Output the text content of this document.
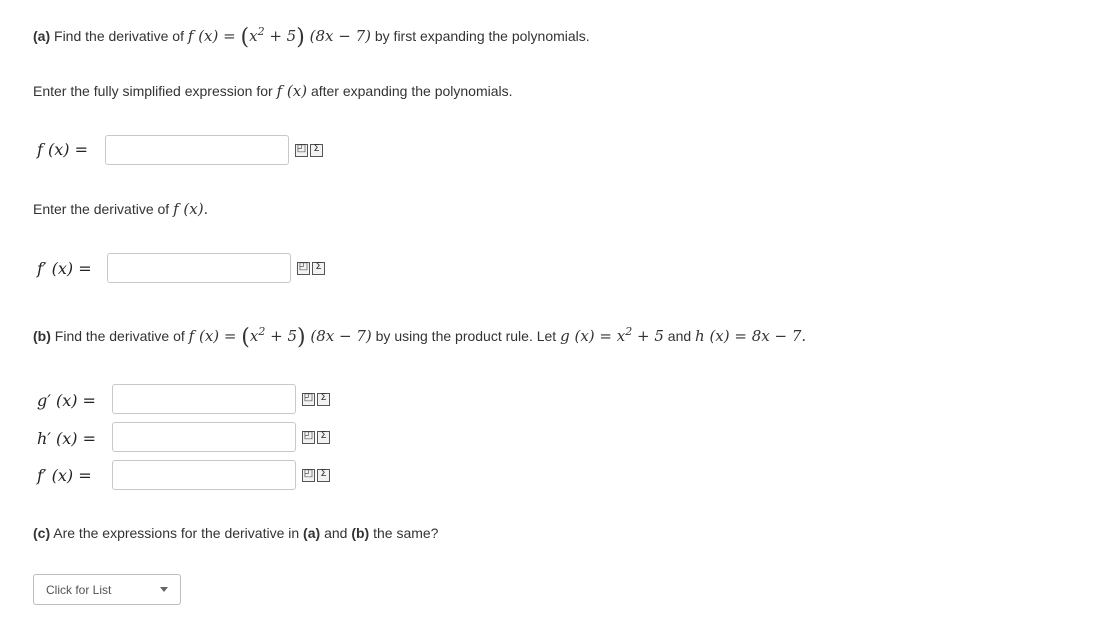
(a) Find the derivative of f $(x) = (x^2 + 5) (8x - 7)$ by first expanding the polynomials.
Enter the fully simplified expression for f (x) after expanding the polynomials.
f (x) =	◰ Σ
Enter the derivative of f (x).
f′ (x) =	◰ Σ
(b) Find the derivative of f $(x) = (x^2 + 5) (8x - 7)$ by using the product rule. Let g $(x) = x^2 + 5$ and h (x) = 8x − 7.
g′ (x) =	◰ Σ
h′ (x) =	◰ Σ
f′ (x) =	◰ Σ
(c) Are the expressions for the derivative in (a) and (b) the same?
Click for List
